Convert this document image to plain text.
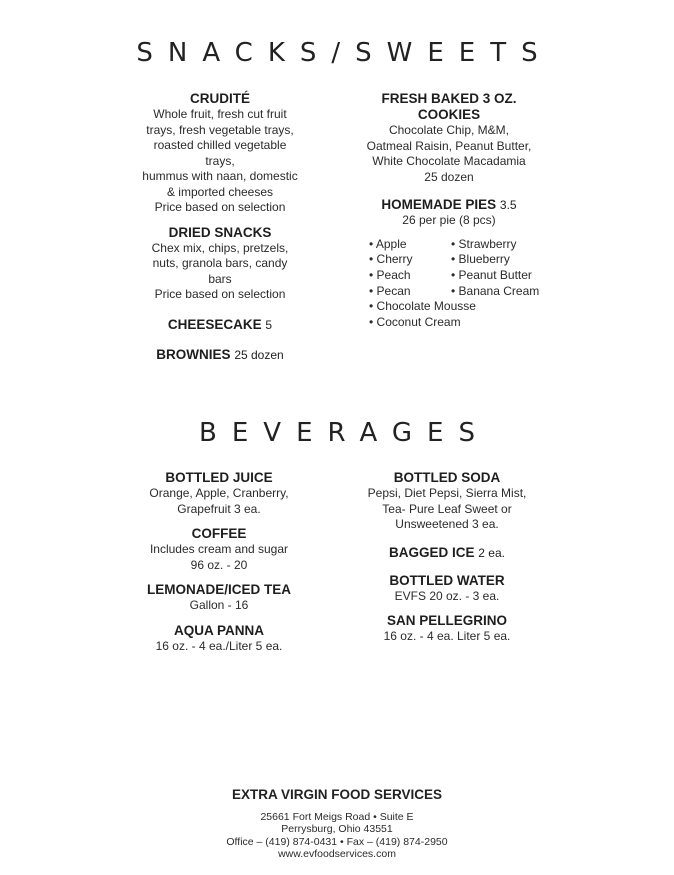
SNACKS/SWEETS
CRUDITÉ
Whole fruit, fresh cut fruit
trays, fresh vegetable trays,
roasted chilled vegetable trays,
hummus with naan, domestic
& imported cheeses
Price based on selection
DRIED SNACKS
Chex mix, chips, pretzels,
nuts, granola bars, candy bars
Price based on selection
CHEESECAKE 5
BROWNIES 25 dozen
FRESH BAKED 3 OZ.
COOKIES
Chocolate Chip, M&M,
Oatmeal Raisin, Peanut Butter,
White Chocolate Macadamia
25 dozen
HOMEMADE PIES 3.5
26 per pie (8 pcs)
• Apple	• Strawberry
• Cherry	• Blueberry
• Peach	• Peanut Butter
• Pecan	• Banana Cream
• Chocolate Mousse
• Coconut Cream
BEVERAGES
BOTTLED JUICE
Orange, Apple, Cranberry,
Grapefruit 3 ea.
COFFEE
Includes cream and sugar
96 oz. - 20
LEMONADE/ICED TEA
Gallon - 16
AQUA PANNA
16 oz. - 4 ea./Liter 5 ea.
BOTTLED SODA
Pepsi, Diet Pepsi, Sierra Mist,
Tea- Pure Leaf Sweet or
Unsweetened 3 ea.
BAGGED ICE 2 ea.
BOTTLED WATER
EVFS 20 oz. - 3 ea.
SAN PELLEGRINO
16 oz. - 4 ea. Liter 5 ea.
EXTRA VIRGIN FOOD SERVICES
25661 Fort Meigs Road • Suite E
Perrysburg, Ohio 43551
Office – (419) 874-0431 • Fax – (419) 874-2950
www.evfoodservices.com
